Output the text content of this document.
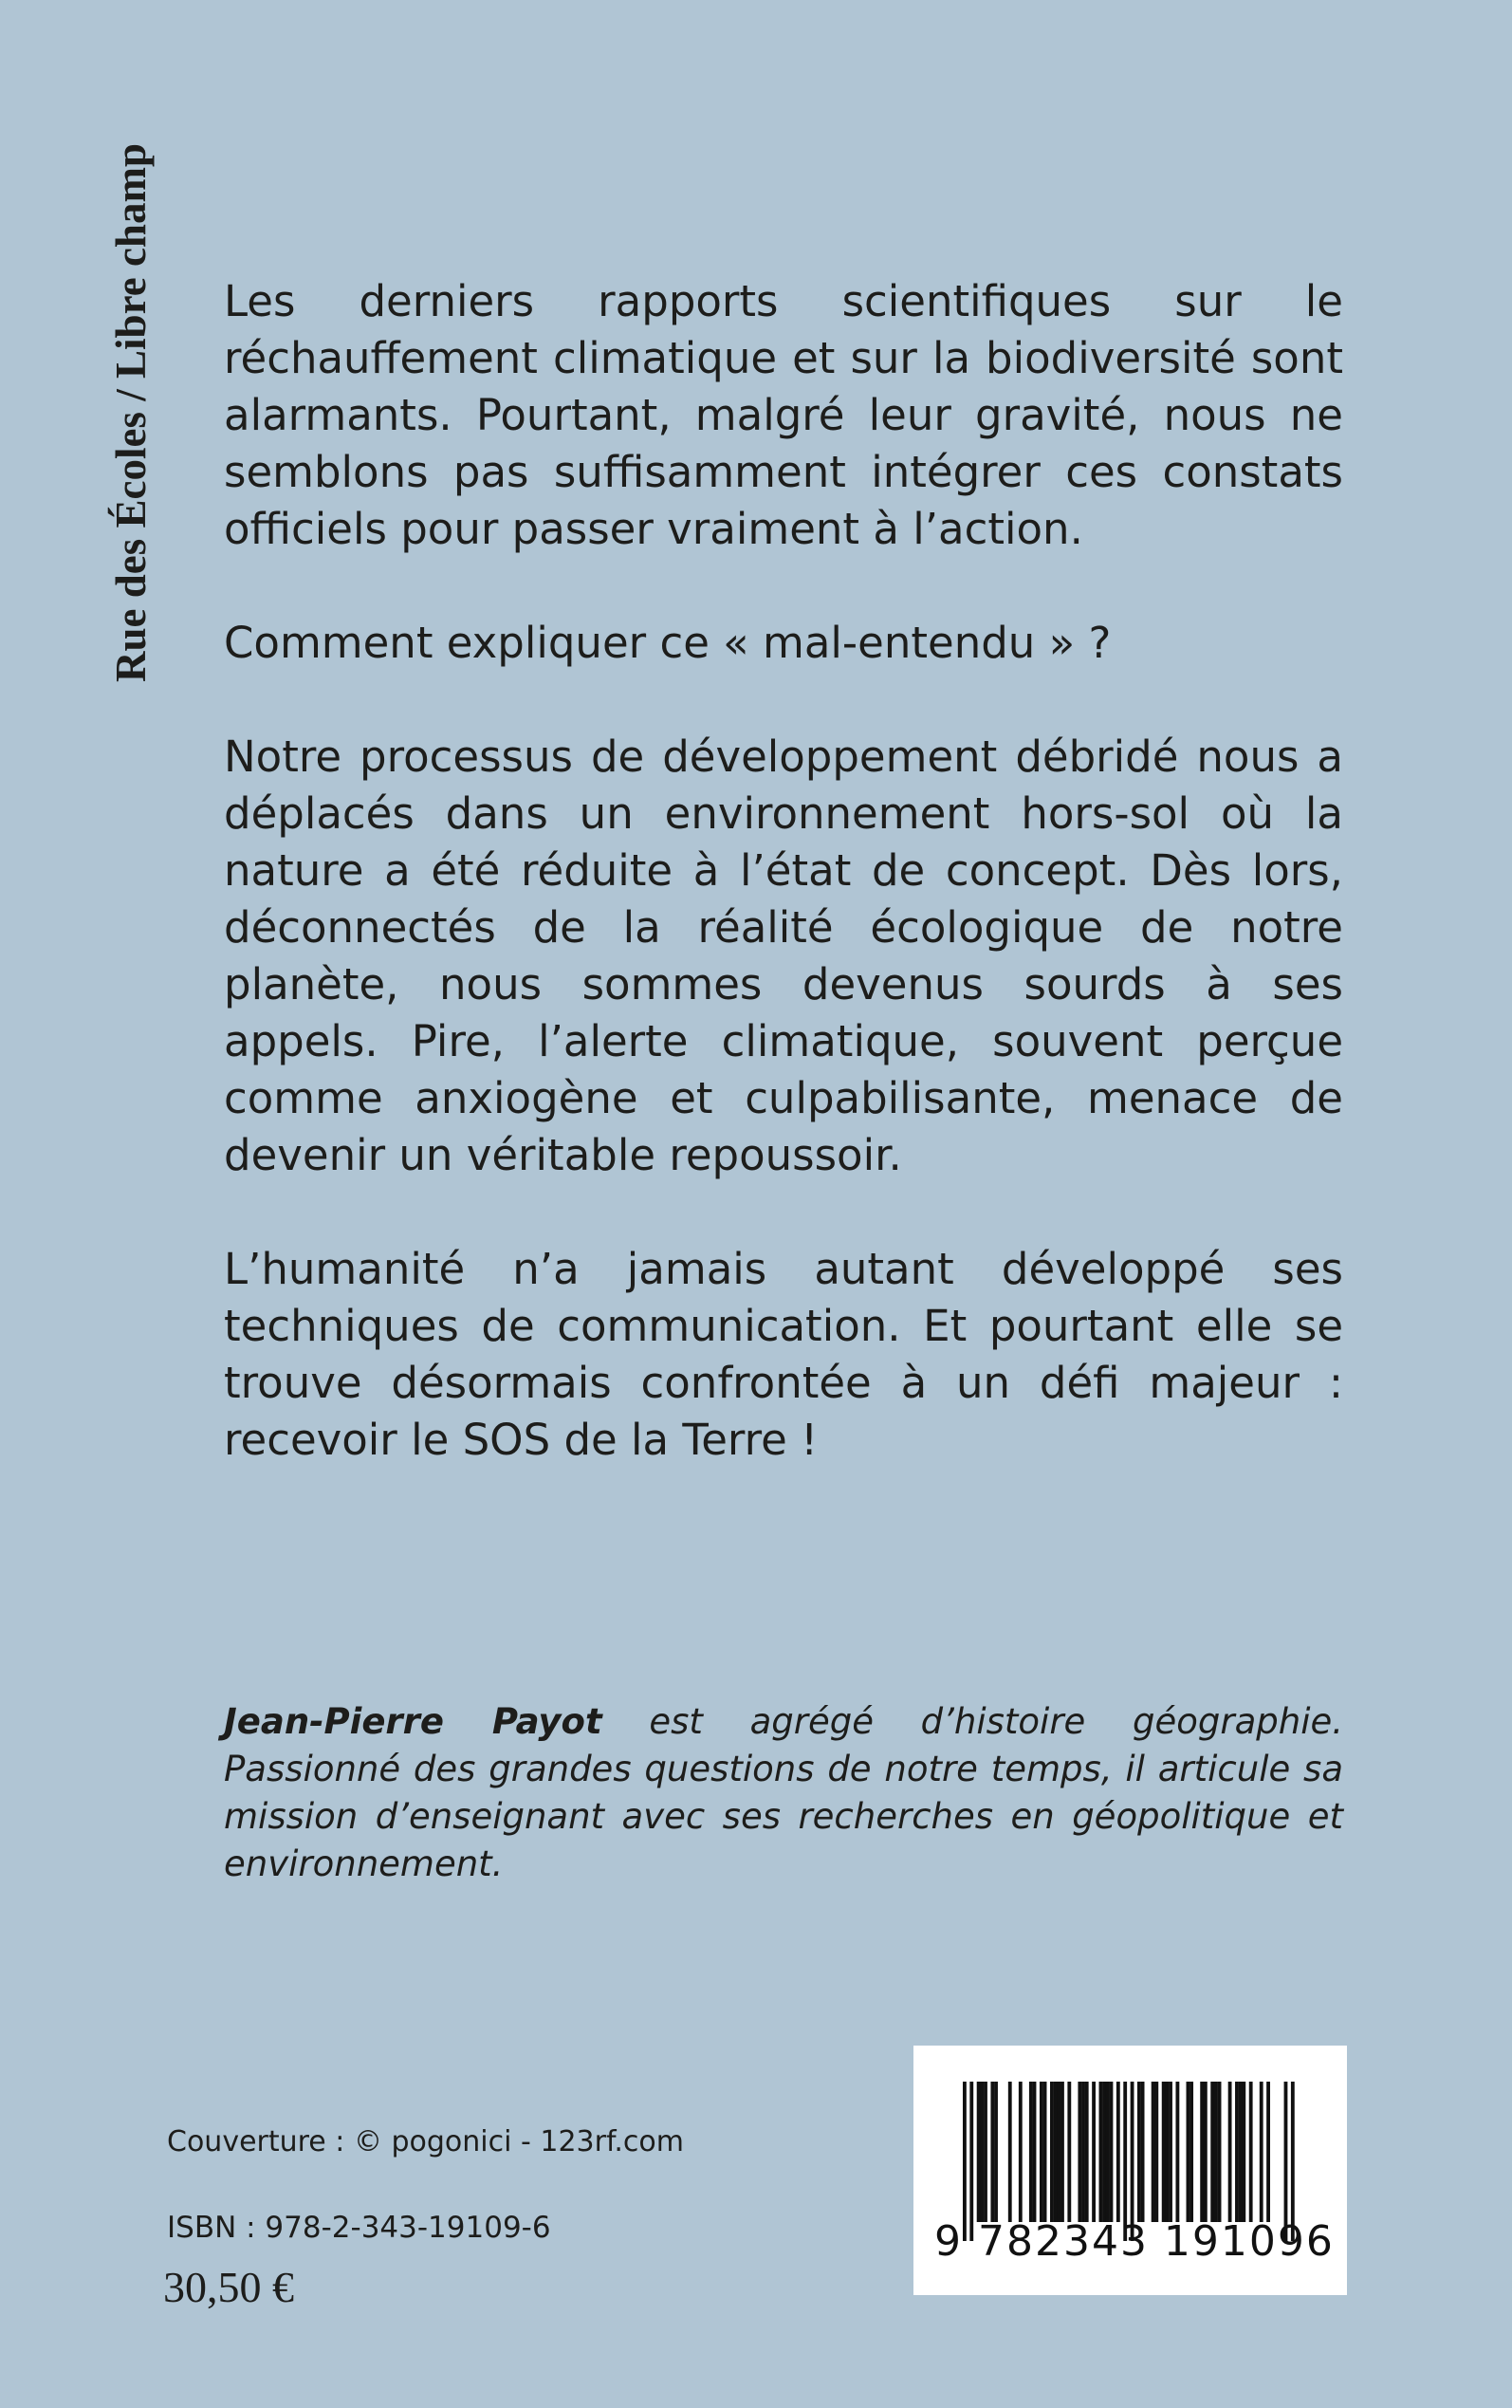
Rue des Écoles / Libre champ	Les derniers rapports scientifiques sur le réchauffement climatique et sur la biodiversité sont alarmants. Pourtant, malgré leur gravité, nous ne semblons pas suffisamment intégrer ces constats officiels pour passer vraiment à l’action.

Comment expliquer ce « mal-entendu » ?

Notre processus de développement débridé nous a déplacés dans un environnement hors-sol où la nature a été réduite à l’état de concept. Dès lors, déconnectés de la réalité écologique de notre planète, nous sommes devenus sourds à ses appels. Pire, l’alerte climatique, souvent perçue comme anxiogène et culpabilisante, menace de devenir un véritable repoussoir.

L’humanité n’a jamais autant développé ses techniques de communication. Et pourtant elle se trouve désormais confrontée à un défi majeur : recevoir le SOS de la Terre !

Jean-Pierre Payot est agrégé d’histoire géographie. Passionné des grandes questions de notre temps, il articule sa mission d’enseignant avec ses recherches en géopolitique et environnement.
Couverture : © pogonici - 123rf.com
ISBN : 978-2-343-19109-6
30,50 €
9 782343 191096
